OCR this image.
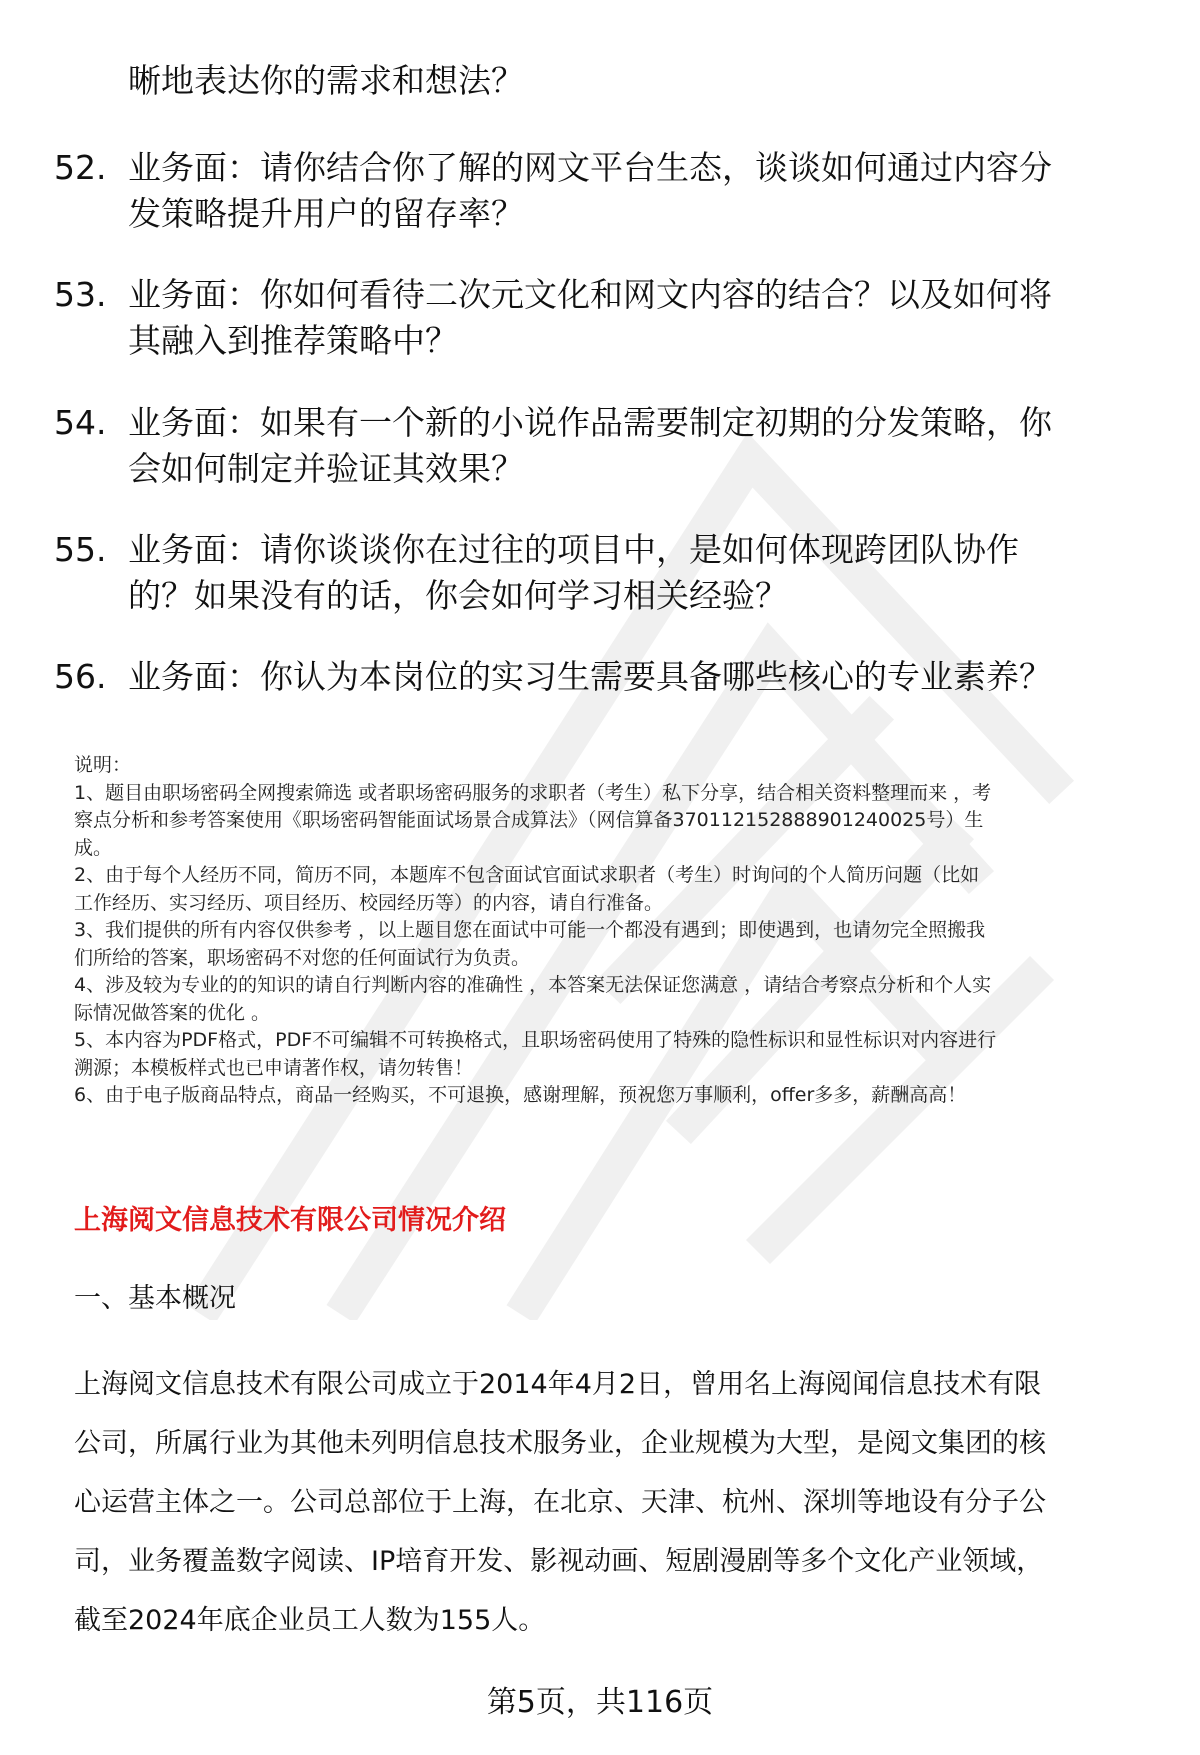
晰地表达你的需求和想法？
52. 业务面：请你结合你了解的网文平台生态，谈谈如何通过内容分
发策略提升用户的留存率？
53. 业务面：你如何看待二次元文化和网文内容的结合？以及如何将
其融入到推荐策略中？
54. 业务面：如果有一个新的小说作品需要制定初期的分发策略，你
会如何制定并验证其效果？
55. 业务面：请你谈谈你在过往的项目中，是如何体现跨团队协作
的？如果没有的话，你会如何学习相关经验？
56. 业务面：你认为本岗位的实习生需要具备哪些核心的专业素养？
说明：
1、题目由职场密码全网搜索筛选 或者职场密码服务的求职者（考生）私下分享，结合相关资料整理而来 ，考
察点分析和参考答案使用《职场密码智能面试场景合成算法》（网信算备370112152888901240025号）生
成。
2、由于每个人经历不同，简历不同，本题库不包含面试官面试求职者（考生）时询问的个人简历问题（比如
工作经历、实习经历、项目经历、校园经历等）的内容，请自行准备。
3、我们提供的所有内容仅供参考 ，以上题目您在面试中可能一个都没有遇到；即使遇到，也请勿完全照搬我
们所给的答案，职场密码不对您的任何面试行为负责。
4、涉及较为专业的的知识的请自行判断内容的准确性 ，本答案无法保证您满意 ，请结合考察点分析和个人实
际情况做答案的优化 。
5、本内容为PDF格式，PDF不可编辑不可转换格式，且职场密码使用了特殊的隐性标识和显性标识对内容进行
溯源；本模板样式也已申请著作权，请勿转售！
6、由于电子版商品特点，商品一经购买，不可退换，感谢理解，预祝您万事顺利，offer多多，薪酬高高！
上海阅文信息技术有限公司情况介绍
一、基本概况
上海阅文信息技术有限公司成立于2014年4月2日，曾用名上海阅闻信息技术有限
公司，所属行业为其他未列明信息技术服务业，企业规模为大型，是阅文集团的核
心运营主体之一。公司总部位于上海，在北京、天津、杭州、深圳等地设有分子公
司，业务覆盖数字阅读、IP培育开发、影视动画、短剧漫剧等多个文化产业领域，
截至2024年底企业员工人数为155人。
第5页，共116页
